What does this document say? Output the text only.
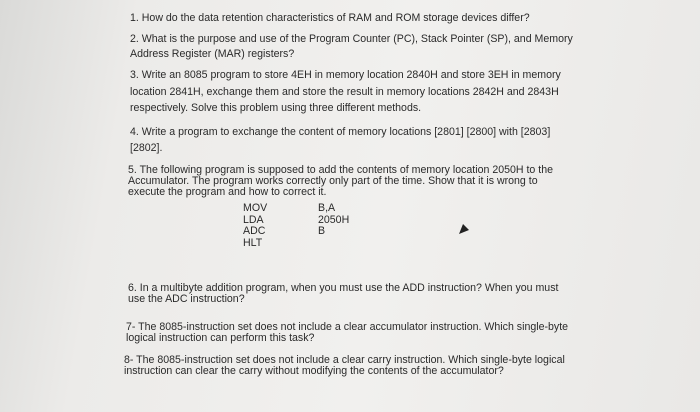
1. How do the data retention characteristics of RAM and ROM storage devices differ?
2. What is the purpose and use of the Program Counter (PC), Stack Pointer (SP), and Memory
Address Register (MAR) registers?
3. Write an 8085 program to store 4EH in memory location 2840H and store 3EH in memory
location 2841H, exchange them and store the result in memory locations 2842H and 2843H
respectively. Solve this problem using three different methods.
4. Write a program to exchange the content of memory locations [2801] [2800] with [2803]
[2802].
5. The following program is supposed to add the contents of memory location 2050H to the
Accumulator. The program works correctly only part of the time. Show that it is wrong to
execute the program and how to correct it.
MOV	B,A
LDA	2050H
ADC	B
HLT
6. In a multibyte addition program, when you must use the ADD instruction? When you must
use the ADC instruction?
7- The 8085-instruction set does not include a clear accumulator instruction. Which single-byte
logical instruction can perform this task?
8- The 8085-instruction set does not include a clear carry instruction. Which single-byte logical
instruction can clear the carry without modifying the contents of the accumulator?
